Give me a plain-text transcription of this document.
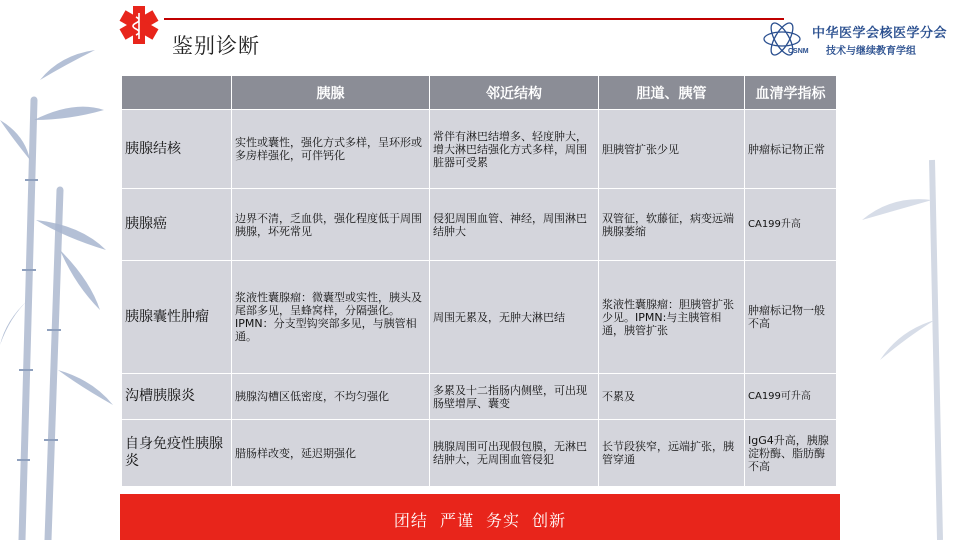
鉴别诊断	CSNM
中华医学会核医学分会
技术与继续教育学组
	胰腺	邻近结构	胆道、胰管	血清学指标
胰腺结核	实性或囊性，强化方式多样，呈环形或多房样强化，可伴钙化	常伴有淋巴结增多、轻度肿大，增大淋巴结强化方式多样，周围脏器可受累	胆胰管扩张少见	肿瘤标记物正常
胰腺癌	边界不清，乏血供，强化程度低于周围胰腺，坏死常见	侵犯周围血管、神经，周围淋巴结肿大	双管征，软藤征，病变远端胰腺萎缩	CA199升高
胰腺囊性肿瘤	浆液性囊腺瘤：微囊型或实性，胰头及尾部多见，呈蜂窝样，分隔强化。IPMN：分支型钩突部多见，与胰管相通。	周围无累及，无肿大淋巴结	浆液性囊腺瘤：胆胰管扩张少见。IPMN:与主胰管相通，胰管扩张	肿瘤标记物一般不高
沟槽胰腺炎	胰腺沟槽区低密度，不均匀强化	多累及十二指肠内侧壁，可出现肠壁增厚、囊变	不累及	CA199可升高
自身免疫性胰腺炎	腊肠样改变，延迟期强化	胰腺周围可出现假包膜，无淋巴结肿大，无周围血管侵犯	长节段狭窄，远端扩张，胰管穿通	IgG4升高，胰腺淀粉酶、脂肪酶不高
团结 严谨 务实 创新
